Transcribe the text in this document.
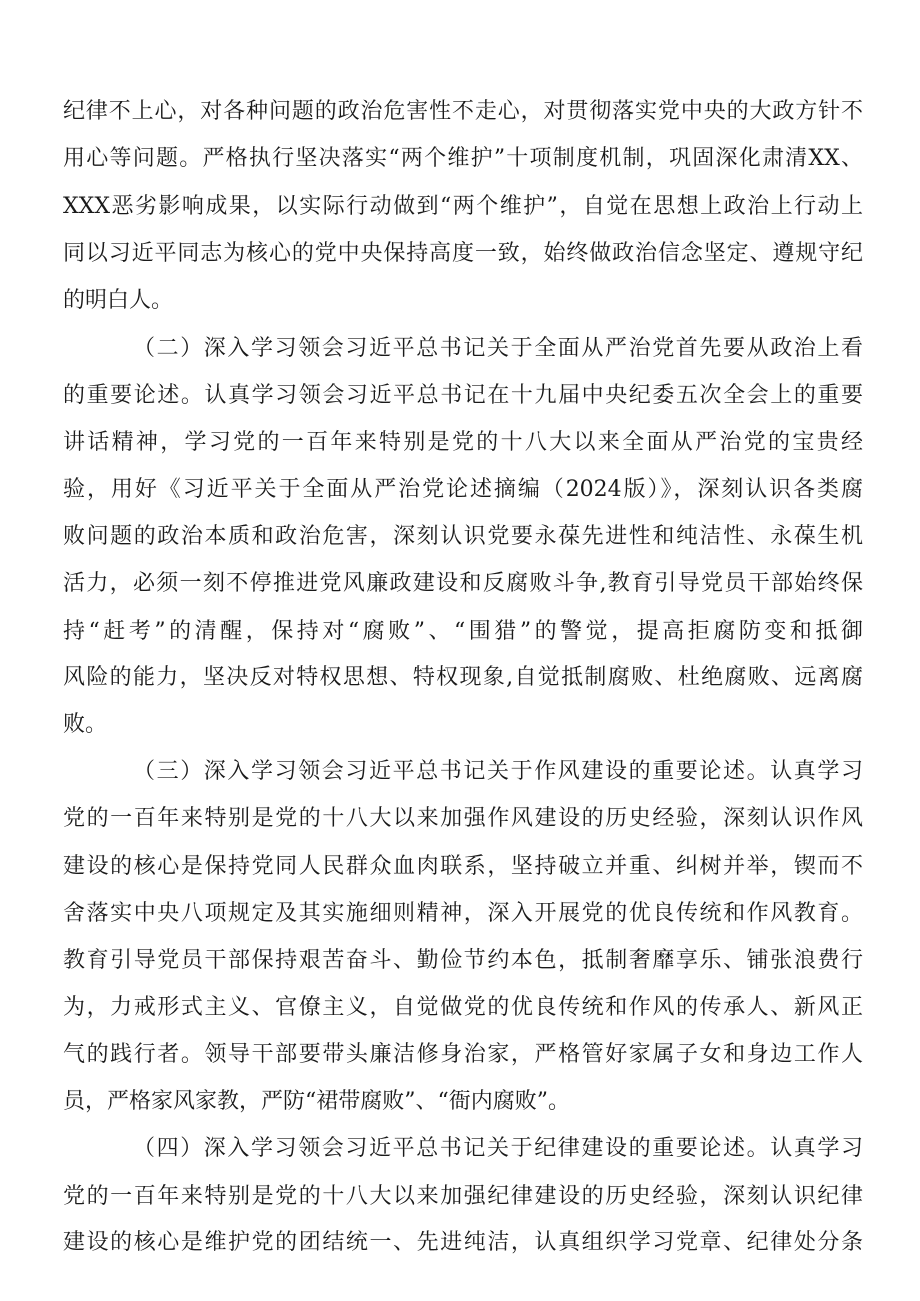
纪律不上心，对各种问题的政治危害性不走心，对贯彻落实党中央的大政方针不
用心等问题。严格执行坚决落实“两个维护”十项制度机制，巩固深化肃清XX、
XXX恶劣影响成果，以实际行动做到“两个维护”，自觉在思想上政治上行动上
同以习近平同志为核心的党中央保持高度一致，始终做政治信念坚定、遵规守纪
的明白人。
（二）深入学习领会习近平总书记关于全面从严治党首先要从政治上看
的重要论述。认真学习领会习近平总书记在十九届中央纪委五次全会上的重要
讲话精神，学习党的一百年来特别是党的十八大以来全面从严治党的宝贵经
验，用好《习近平关于全面从严治党论述摘编（2024版）》，深刻认识各类腐
败问题的政治本质和政治危害，深刻认识党要永葆先进性和纯洁性、永葆生机
活力，必须一刻不停推进党风廉政建设和反腐败斗争,教育引导党员干部始终保
持“赶考”的清醒，保持对“腐败”、“围猎”的警觉，提高拒腐防变和抵御
风险的能力，坚决反对特权思想、特权现象,自觉抵制腐败、杜绝腐败、远离腐
败。
（三）深入学习领会习近平总书记关于作风建设的重要论述。认真学习
党的一百年来特别是党的十八大以来加强作风建设的历史经验，深刻认识作风
建设的核心是保持党同人民群众血肉联系，坚持破立并重、纠树并举，锲而不
舍落实中央八项规定及其实施细则精神，深入开展党的优良传统和作风教育。
教育引导党员干部保持艰苦奋斗、勤俭节约本色，抵制奢靡享乐、铺张浪费行
为，力戒形式主义、官僚主义，自觉做党的优良传统和作风的传承人、新风正
气的践行者。领导干部要带头廉洁修身治家，严格管好家属子女和身边工作人
员，严格家风家教，严防“裙带腐败”、“衙内腐败”。
（四）深入学习领会习近平总书记关于纪律建设的重要论述。认真学习
党的一百年来特别是党的十八大以来加强纪律建设的历史经验，深刻认识纪律
建设的核心是维护党的团结统一、先进纯洁，认真组织学习党章、纪律处分条
